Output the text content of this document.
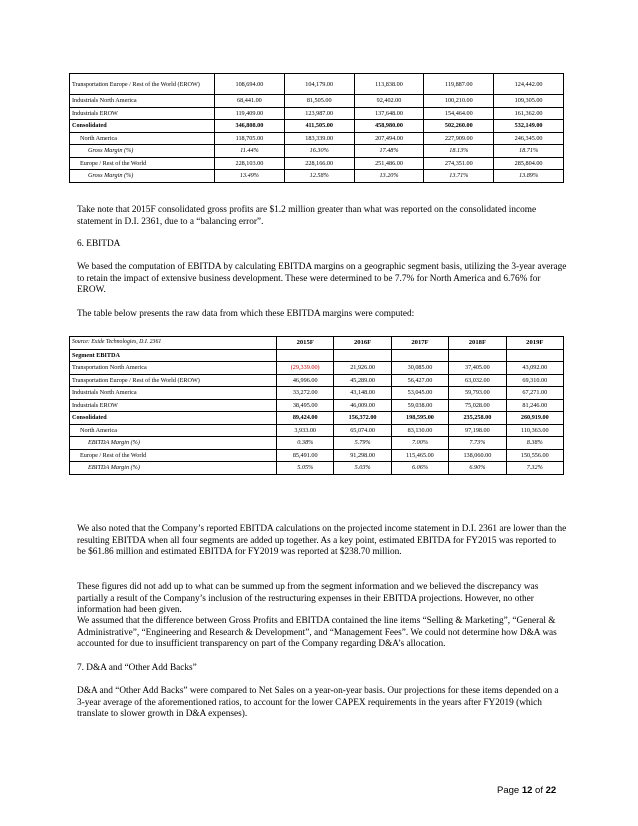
Transportation Europe / Rest of the World (EROW)	108,694.00	104,179.00	113,838.00	119,887.00	124,442.00
Industrials North America	68,441.00	81,505.00	92,402.00	100,210.00	109,305.00
Industrials EROW	119,409.00	123,987.00	137,648.00	154,464.00	161,362.00
Consolidated	346,808.00	411,505.00	458,980.00	502,260.00	532,149.00
North America	118,705.00	183,339.00	207,494.00	227,909.00	246,345.00
Gross Margin (%)	11.44%	16.30%	17.48%	18.13%	18.71%
Europe / Rest of the World	228,103.00	228,166.00	251,486.00	274,351.00	285,804.00
Gross Margin (%)	13.49%	12.58%	13.20%	13.71%	13.89%

Take note that 2015F consolidated gross profits are $1.2 million greater than what was reported on the consolidated income statement in D.I. 2361, due to a “balancing error”.

6. EBITDA

We based the computation of EBITDA by calculating EBITDA margins on a geographic segment basis, utilizing the 3-year average to retain the impact of extensive business development. These were determined to be 7.7% for North America and 6.76% for EROW.

The table below presents the raw data from which these EBITDA margins were computed:

Source: Exide Technologies, D.I. 2361	2015F	2016F	2017F	2018F	2019F
Segment EBITDA					
Transportation North America	(29,339.00)	21,926.00	30,085.00	37,405.00	43,092.00
Transportation Europe / Rest of the World (EROW)	46,996.00	45,289.00	56,427.00	63,032.00	69,310.00
Industrials North America	33,272.00	43,148.00	53,045.00	59,793.00	67,271.00
Industrials EROW	38,495.00	46,009.00	59,038.00	75,028.00	81,246.00
Consolidated	89,424.00	156,372.00	198,595.00	235,258.00	260,919.00
North America	3,933.00	65,074.00	83,130.00	97,198.00	110,363.00
EBITDA Margin (%)	0.38%	5.79%	7.00%	7.73%	8.38%
Europe / Rest of the World	85,491.00	91,298.00	115,465.00	138,060.00	150,556.00
EBITDA Margin (%)	5.05%	5.03%	6.06%	6.90%	7.32%

We also noted that the Company’s reported EBITDA calculations on the projected income statement in D.I. 2361 are lower than the resulting EBITDA when all four segments are added up together. As a key point, estimated EBITDA for FY2015 was reported to be $61.86 million and estimated EBITDA for FY2019 was reported at $238.70 million.

These figures did not add up to what can be summed up from the segment information and we believed the discrepancy was partially a result of the Company’s inclusion of the restructuring expenses in their EBITDA projections. However, no other information had been given.

We assumed that the difference between Gross Profits and EBITDA contained the line items “Selling & Marketing”, “General & Administrative”, “Engineering and Research & Development”, and “Management Fees”. We could not determine how D&A was accounted for due to insufficient transparency on part of the Company regarding D&A’s allocation.

7. D&A and “Other Add Backs”

D&A and “Other Add Backs” were compared to Net Sales on a year-on-year basis. Our projections for these items depended on a 3-year average of the aforementioned ratios, to account for the lower CAPEX requirements in the years after FY2019 (which translate to slower growth in D&A expenses).

Page 12 of 22
